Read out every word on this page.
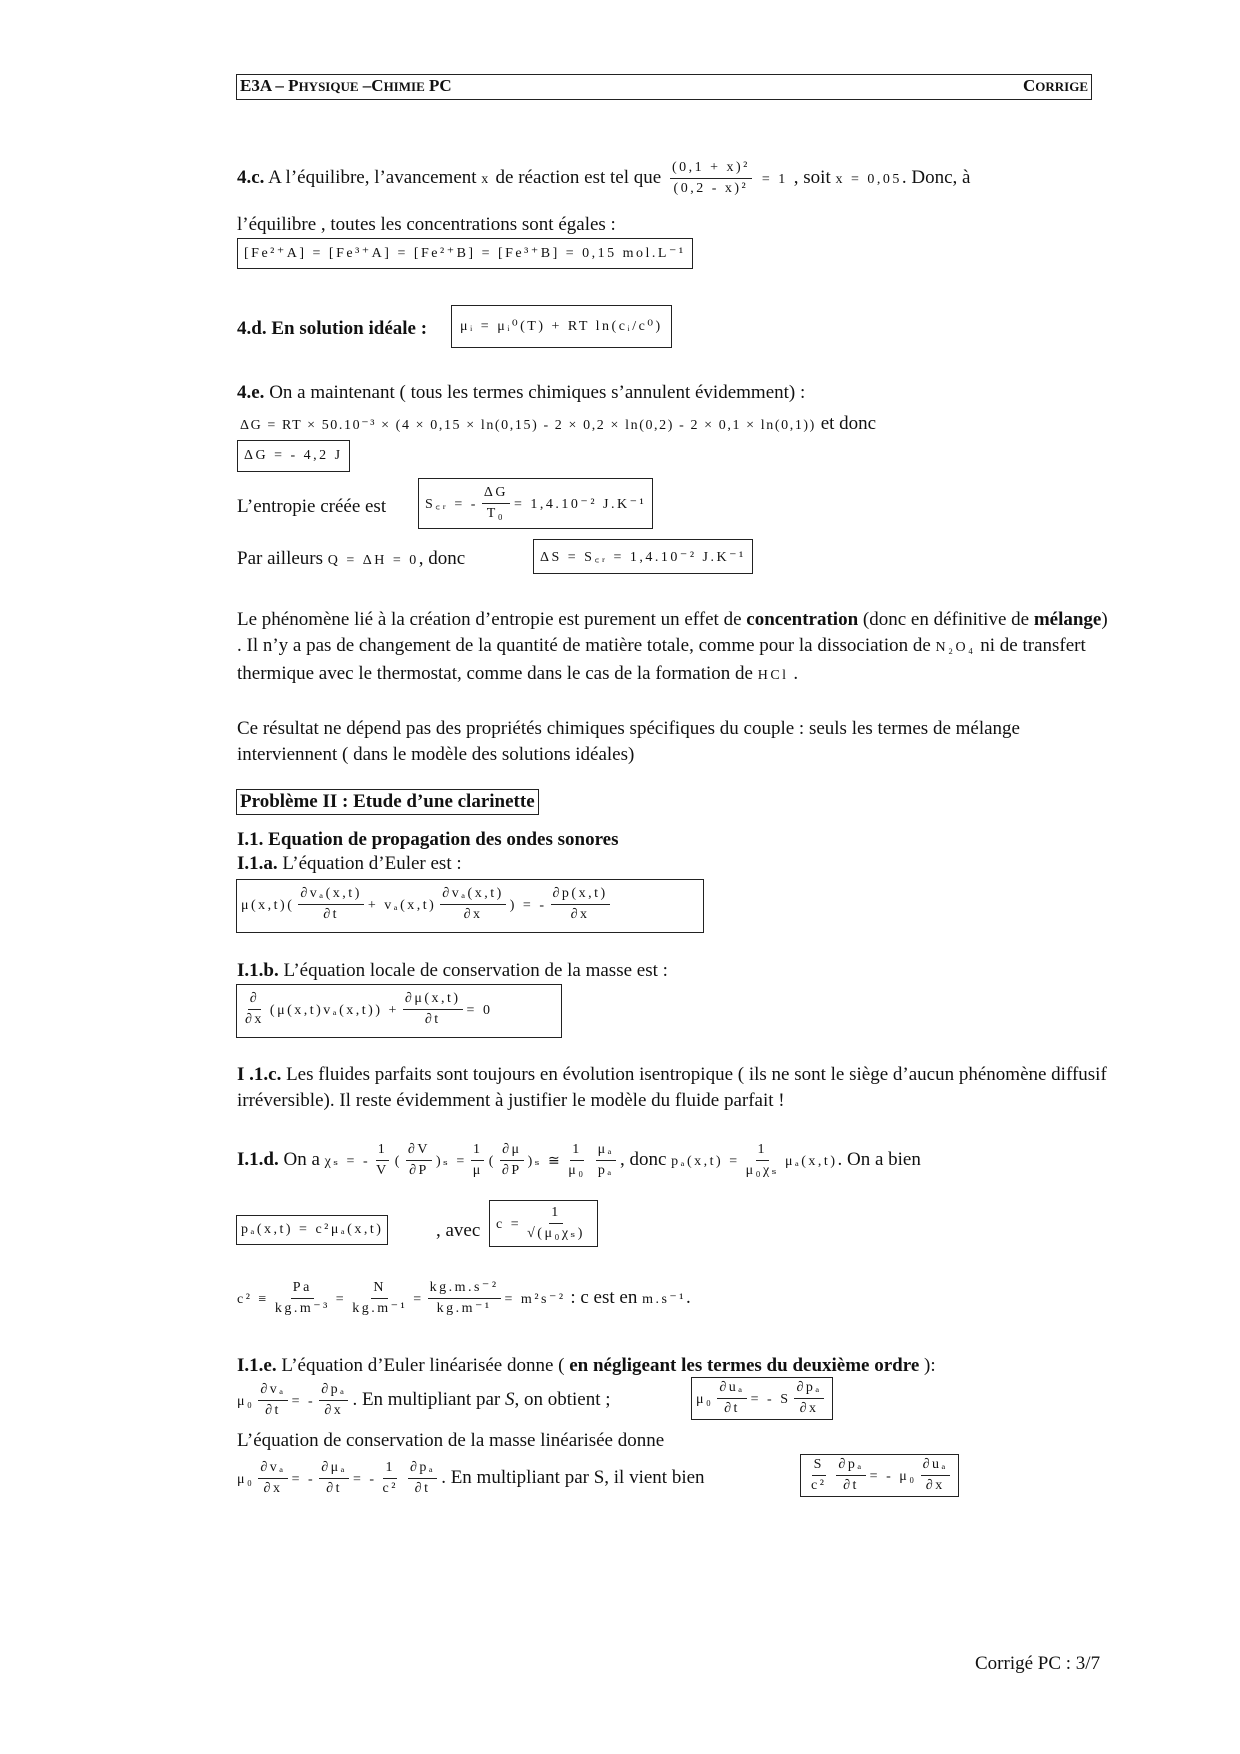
E3A – PHYSIQUE –CHIMIE PC	CORRIGE
4.c. A l’équilibre, l’avancement x de réaction est tel que $\frac{\text{(0,1 + x)²}}{\text{(0,2 - x)²}} = 1$ , soit x = 0,05. Donc, à
l’équilibre , toutes les concentrations sont égales :
[Fe²⁺A] = [Fe³⁺A] = [Fe²⁺B] = [Fe³⁺B] = 0,15 mol.L⁻¹
4.d. En solution idéale :	μᵢ = μᵢ⁰(T) + RT ln(cᵢ/c⁰)
4.e. On a maintenant ( tous les termes chimiques s’annulent évidemment) :
ΔG = RT × 50.10⁻³ × (4 × 0,15 × ln(0,15) - 2 × 0,2 × ln(0,2) - 2 × 0,1 × ln(0,1)) et donc
ΔG = - 4,2 J
L’entropie créée est	S꜀ᵣ = - $\frac{\Delta G}{\text{T₀}} = 1,4.10^{-2}$ J.K⁻¹
Par ailleurs Q = ΔH = 0, donc	ΔS = S꜀ᵣ = 1,4.10⁻² J.K⁻¹
Le phénomène lié à la création d’entropie est purement un effet de concentration (donc en définitive de mélange) . Il n’y a pas de changement de la quantité de matière totale, comme pour la dissociation de N₂O₄ ni de transfert thermique avec le thermostat, comme dans le cas de la formation de HCl .
Ce résultat ne dépend pas des propriétés chimiques spécifiques du couple : seuls les termes de mélange interviennent ( dans le modèle des solutions idéales)
Problème II : Etude d’une clarinette
I.1. Equation de propagation des ondes sonores
I.1.a. L’équation d’Euler est :
$\mu(x,t)( \frac{\text{∂vₐ(x,t)}}{\partial t} + v_a(x,t) \frac{\text{∂vₐ(x,t)}}{\partial x}$ ) = - $\frac{\partial p(x,t)}{\partial x}$
I.1.b. L’équation locale de conservation de la masse est :
$\frac{\partial}{\partial x} (\mu(x,t)v_a(x,t)) + \frac{\partial\mu(x,t)}{\partial t} = 0$
I .1.c. Les fluides parfaits sont toujours en évolution isentropique ( ils ne sont le siège d’aucun phénomène diffusif irréversible). Il reste évidemment à justifier le modèle du fluide parfait !
I.1.d. On a χₛ = - $\frac{1}{V}$ ( $\frac{\partial V}{\partial P} )_s = \frac{1}{\mu}$ ( $\frac{\partial\mu}{\partial P} )_s$ ≅ $\frac{1}{\text{μ₀}} \frac{\text{μₐ}}{\text{pₐ}}$ , donc $p_a(x,t) = \frac{1}{\text{μ₀χₛ}} \mu_a(x,t)$. On a bien
pₐ(x,t) = c²μₐ(x,t)	, avec	$c = \frac{1}{\text{√(μ₀χₛ)}}$
$c^2 \equiv \frac{Pa}{\text{kg.m⁻³}} = \frac{N}{\text{kg.m⁻¹}} = \frac{\text{kg.m.s⁻²}}{\text{kg.m⁻¹}} = m^2s^{-2}$ : c est en m.s⁻¹.
I.1.e. L’équation d’Euler linéarisée donne ( en négligeant les termes du deuxième ordre ):
$\mu_0 \frac{\text{∂vₐ}}{\partial t}$ = - $\frac{\text{∂pₐ}}{\partial x}$ . En multipliant par S, on obtient ;	$\mu_0 \frac{\text{∂uₐ}}{\partial t}$ = - S $\frac{\text{∂pₐ}}{\partial x}$
L’équation de conservation de la masse linéarisée donne
$\mu_0 \frac{\text{∂vₐ}}{\partial x}$ = - $\frac{\text{∂μₐ}}{\partial t}$ = - $\frac{1}{\text{c²}} \frac{\text{∂pₐ}}{\partial t}$ . En multipliant par S, il vient bien	$\frac{S}{\text{c²}} \frac{\text{∂pₐ}}{\partial t}$ = - $\mu_0 \frac{\text{∂uₐ}}{\partial x}$
Corrigé PC : 3/7
